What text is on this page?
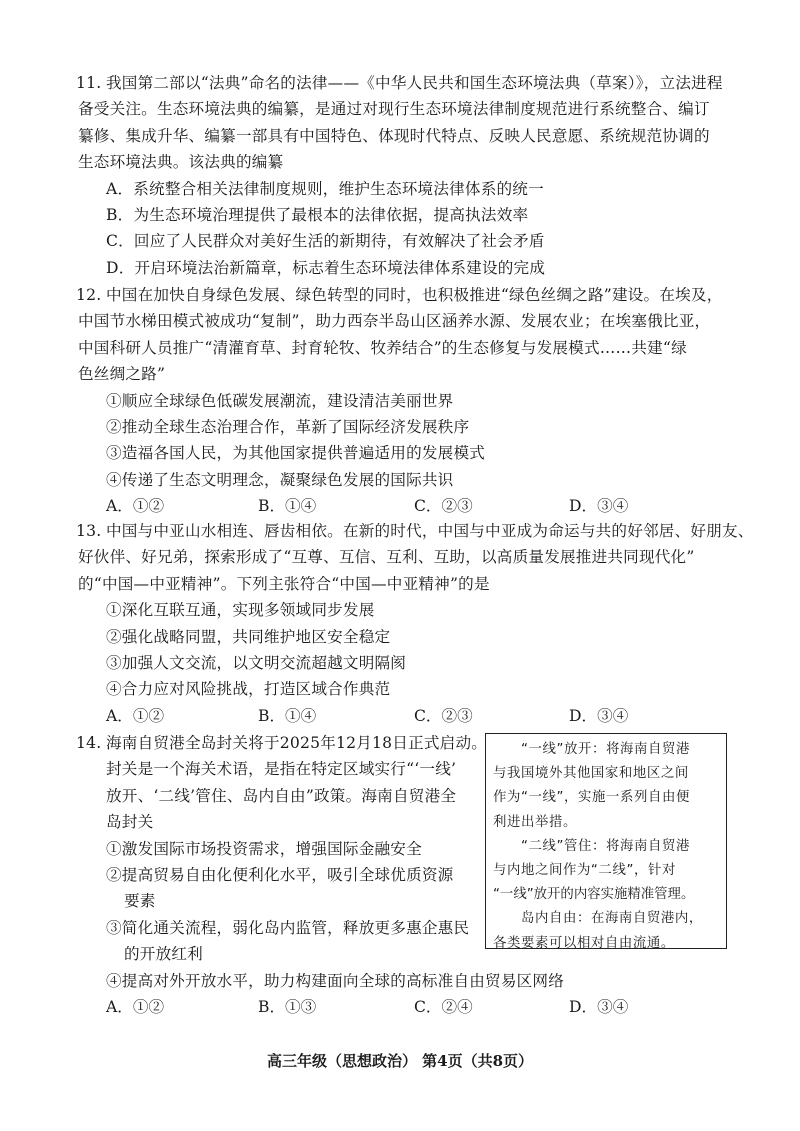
11. 我国第二部以“法典”命名的法律——《中华人民共和国生态环境法典（草案）》，立法进程
备受关注。生态环境法典的编纂，是通过对现行生态环境法律制度规范进行系统整合、编订
纂修、集成升华、编纂一部具有中国特色、体现时代特点、反映人民意愿、系统规范协调的
生态环境法典。该法典的编纂
A．系统整合相关法律制度规则，维护生态环境法律体系的统一
B．为生态环境治理提供了最根本的法律依据，提高执法效率
C．回应了人民群众对美好生活的新期待，有效解决了社会矛盾
D．开启环境法治新篇章，标志着生态环境法律体系建设的完成
12. 中国在加快自身绿色发展、绿色转型的同时，也积极推进“绿色丝绸之路”建设。在埃及，
中国节水梯田模式被成功“复制”，助力西奈半岛山区涵养水源、发展农业；在埃塞俄比亚，
中国科研人员推广“清灌育草、封育轮牧、牧养结合”的生态修复与发展模式……共建“绿
色丝绸之路”
①顺应全球绿色低碳发展潮流，建设清洁美丽世界
②推动全球生态治理合作，革新了国际经济发展秩序
③造福各国人民，为其他国家提供普遍适用的发展模式
④传递了生态文明理念，凝聚绿色发展的国际共识
A．①②	B．①④	C．②③	D．③④
13. 中国与中亚山水相连、唇齿相依。在新的时代，中国与中亚成为命运与共的好邻居、好朋友、
好伙伴、好兄弟，探索形成了“互尊、互信、互利、互助，以高质量发展推进共同现代化”
的“中国—中亚精神”。下列主张符合“中国—中亚精神”的是
①深化互联互通，实现多领域同步发展
②强化战略同盟，共同维护地区安全稳定
③加强人文交流，以文明交流超越文明隔阂
④合力应对风险挑战，打造区域合作典范
A．①②	B．①④	C．②③	D．③④
14. 海南自贸港全岛封关将于2025年12月18日正式启动。
封关是一个海关术语，是指在特定区域实行“‘一线’
放开、‘二线’管住、岛内自由”政策。海南自贸港全
岛封关
①激发国际市场投资需求，增强国际金融安全
②提高贸易自由化便利化水平，吸引全球优质资源
要素
③简化通关流程，弱化岛内监管，释放更多惠企惠民
的开放红利
④提高对外开放水平，助力构建面向全球的高标准自由贸易区网络
A．①②	B．①③	C．②④	D．③④
“一线”放开：将海南自贸港
与我国境外其他国家和地区之间
作为“一线”，实施一系列自由便
利进出举措。
“二线”管住：将海南自贸港
与内地之间作为“二线”，针对
“一线”放开的内容实施精准管理。
岛内自由：在海南自贸港内，
各类要素可以相对自由流通。
高三年级（思想政治） 第4页（共8页）
